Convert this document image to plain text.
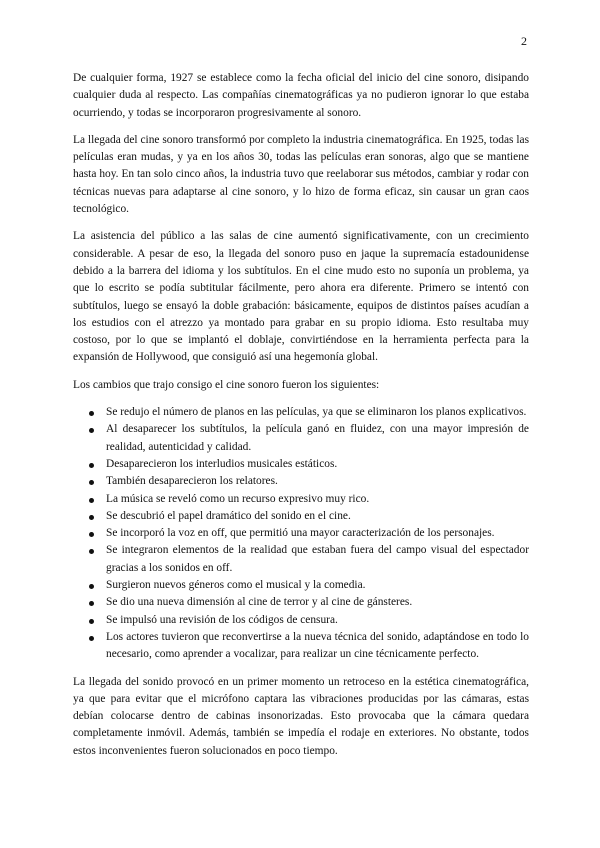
2

De cualquier forma, 1927 se establece como la fecha oficial del inicio del cine sonoro, disipando cualquier duda al respecto. Las compañías cinematográficas ya no pudieron ignorar lo que estaba ocurriendo, y todas se incorporaron progresivamente al sonoro.

La llegada del cine sonoro transformó por completo la industria cinematográfica. En 1925, todas las películas eran mudas, y ya en los años 30, todas las películas eran sonoras, algo que se mantiene hasta hoy. En tan solo cinco años, la industria tuvo que reelaborar sus métodos, cambiar y rodar con técnicas nuevas para adaptarse al cine sonoro, y lo hizo de forma eficaz, sin causar un gran caos tecnológico.

La asistencia del público a las salas de cine aumentó significativamente, con un crecimiento considerable. A pesar de eso, la llegada del sonoro puso en jaque la supremacía estadounidense debido a la barrera del idioma y los subtítulos. En el cine mudo esto no suponía un problema, ya que lo escrito se podía subtitular fácilmente, pero ahora era diferente. Primero se intentó con subtítulos, luego se ensayó la doble grabación: básicamente, equipos de distintos países acudían a los estudios con el atrezzo ya montado para grabar en su propio idioma. Esto resultaba muy costoso, por lo que se implantó el doblaje, convirtiéndose en la herramienta perfecta para la expansión de Hollywood, que consiguió así una hegemonía global.

Los cambios que trajo consigo el cine sonoro fueron los siguientes:

Se redujo el número de planos en las películas, ya que se eliminaron los planos explicativos.
Al desaparecer los subtítulos, la película ganó en fluidez, con una mayor impresión de realidad, autenticidad y calidad.
Desaparecieron los interludios musicales estáticos.
También desaparecieron los relatores.
La música se reveló como un recurso expresivo muy rico.
Se descubrió el papel dramático del sonido en el cine.
Se incorporó la voz en off, que permitió una mayor caracterización de los personajes.
Se integraron elementos de la realidad que estaban fuera del campo visual del espectador gracias a los sonidos en off.
Surgieron nuevos géneros como el musical y la comedia.
Se dio una nueva dimensión al cine de terror y al cine de gánsteres.
Se impulsó una revisión de los códigos de censura.
Los actores tuvieron que reconvertirse a la nueva técnica del sonido, adaptándose en todo lo necesario, como aprender a vocalizar, para realizar un cine técnicamente perfecto.

La llegada del sonido provocó en un primer momento un retroceso en la estética cinematográfica, ya que para evitar que el micrófono captara las vibraciones producidas por las cámaras, estas debían colocarse dentro de cabinas insonorizadas. Esto provocaba que la cámara quedara completamente inmóvil. Además, también se impedía el rodaje en exteriores. No obstante, todos estos inconvenientes fueron solucionados en poco tiempo.
